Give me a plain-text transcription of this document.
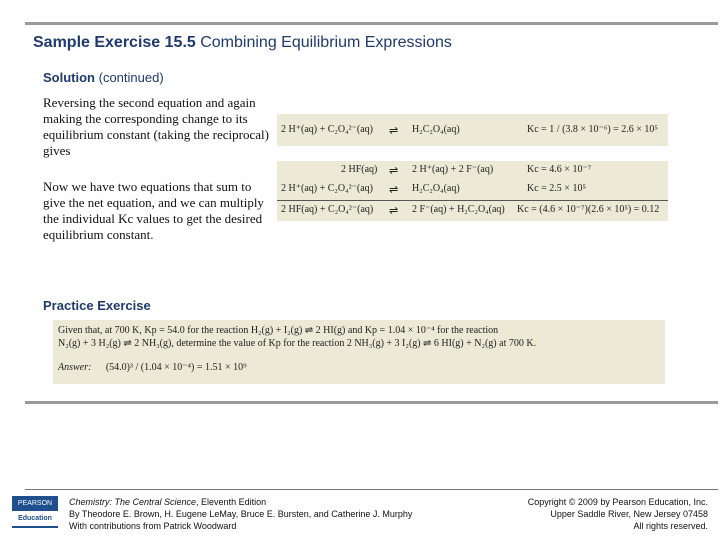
Sample Exercise 15.5 Combining Equilibrium Expressions
Solution (continued)
Reversing the second equation and again making the corresponding change to its equilibrium constant (taking the reciprocal) gives
Now we have two equations that sum to give the net equation, and we can multiply the individual Kc values to get the desired equilibrium constant.
2 H⁺(aq) + C₂O₄²⁻(aq) ⇌ H₂C₂O₄(aq)	Kc = 1 / (3.8 × 10⁻⁶) = 2.6 × 10⁵
2 HF(aq) ⇌ 2 H⁺(aq) + 2 F⁻(aq)	Kc = 4.6 × 10⁻⁷
2 H⁺(aq) + C₂O₄²⁻(aq) ⇌ H₂C₂O₄(aq)	Kc = 2.5 × 10⁵
2 HF(aq) + C₂O₄²⁻(aq) ⇌ 2 F⁻(aq) + H₂C₂O₄(aq) Kc = (4.6 × 10⁻⁷)(2.6 × 10⁵) = 0.12
Practice Exercise
Given that, at 700 K, Kp = 54.0 for the reaction H₂(g) + I₂(g) ⇌ 2 HI(g) and Kp = 1.04 × 10⁻⁴ for the reaction
N₂(g) + 3 H₂(g) ⇌ 2 NH₃(g), determine the value of Kp for the reaction 2 NH₃(g) + 3 I₂(g) ⇌ 6 HI(g) + N₂(g) at 700 K.
Answer: (54.0)³ / (1.04 × 10⁻⁴) = 1.51 × 10⁹
PEARSON
Education
Chemistry: The Central Science, Eleventh Edition
By Theodore E. Brown, H. Eugene LeMay, Bruce E. Bursten, and Catherine J. Murphy
With contributions from Patrick Woodward
Copyright © 2009 by Pearson Education, Inc.
Upper Saddle River, New Jersey 07458
All rights reserved.
